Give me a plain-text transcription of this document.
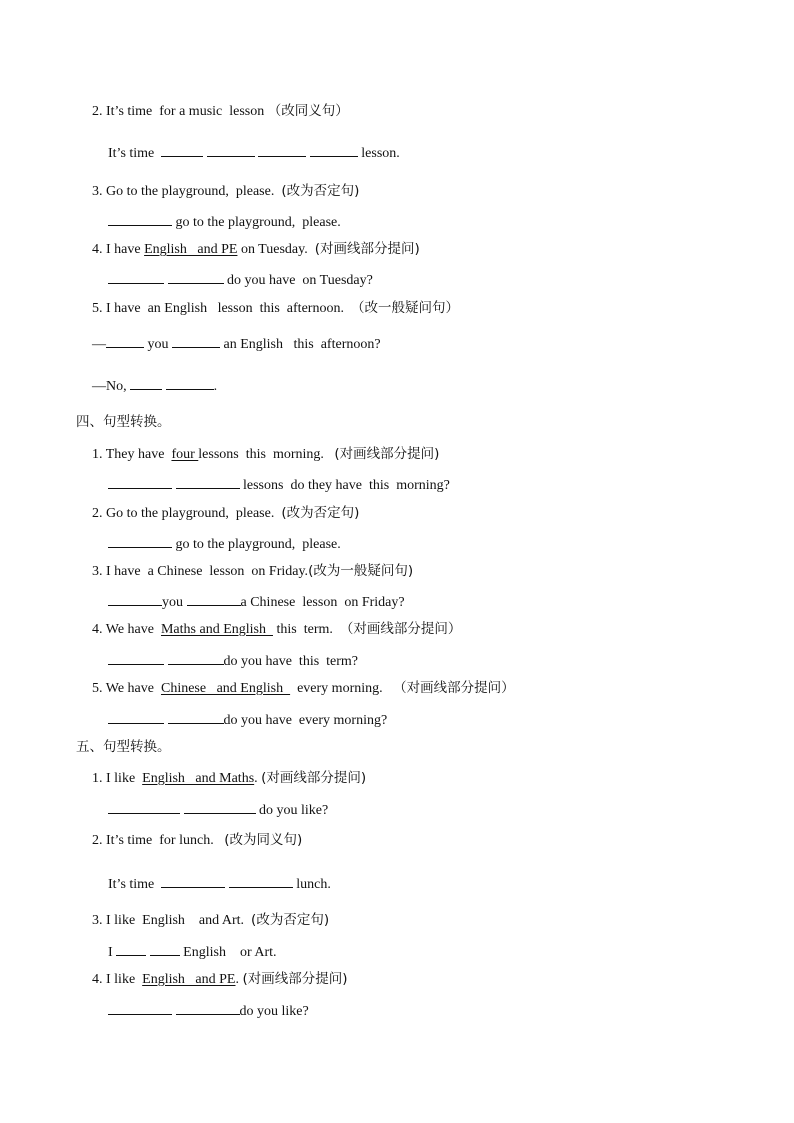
2. It’s time  for a music  lesson （改同义句）
It’s time	lesson.
3. Go to the playground,  please.  (改为否定句)
go to the playground,  please.
4. I have English   and PE on Tuesday.  (对画线部分提问)
do you have  on Tuesday?
5. I have  an English   lesson  this  afternoon.  （改一般疑问句）
—	you	an English   this  afternoon?
—No,	.
四、句型转换。
1. They have  four lessons  this  morning.   (对画线部分提问)
lessons  do they have  this  morning?
2. Go to the playground,  please.  (改为否定句)
go to the playground,  please.
3. I have  a Chinese  lesson  on Friday.(改为一般疑问句)
you	a Chinese  lesson  on Friday?
4. We have  Maths and English   this  term.  （对画线部分提问）
do you have  this  term?
5. We have  Chinese   and English    every morning.   （对画线部分提问）
do you have  every morning?
五、句型转换。
1. I like  English   and Maths. (对画线部分提问)
do you like?
2. It’s time  for lunch.   (改为同义句)
It’s time	lunch.
3. I like  English    and Art.  (改为否定句)
I	English    or Art.
4. I like  English   and PE. (对画线部分提问)
do you like?
